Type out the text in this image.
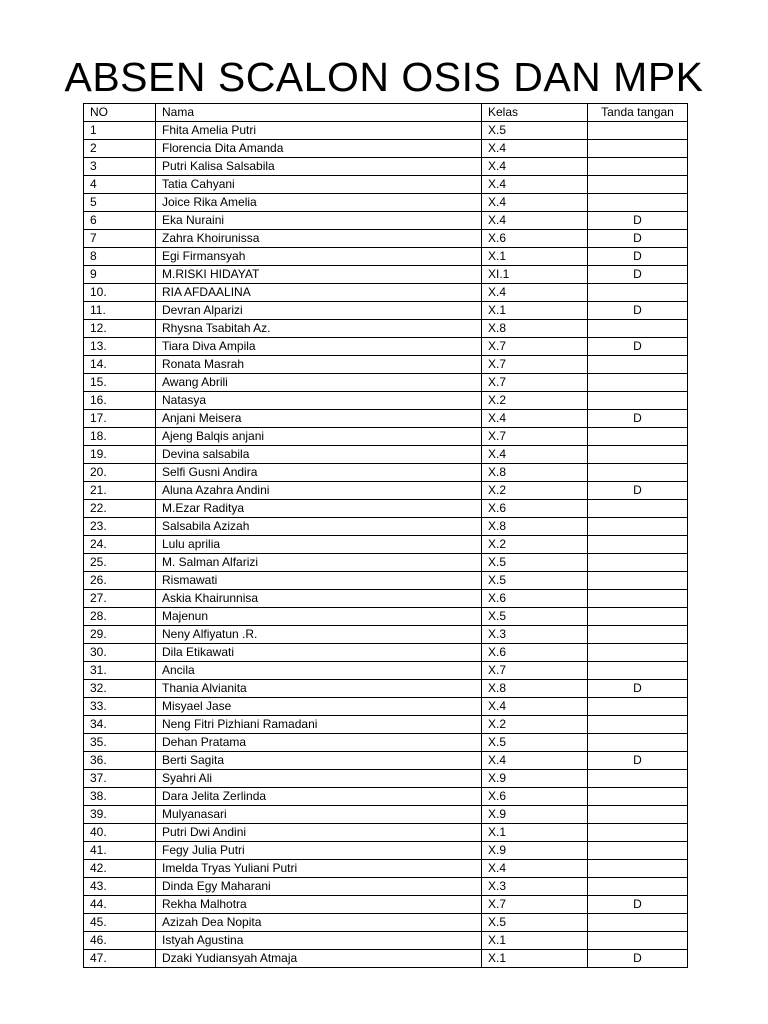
ABSEN SCALON OSIS DAN MPK
NO	Nama	Kelas	Tanda tangan
1	Fhita Amelia Putri	X.5	
2	Florencia Dita Amanda	X.4	
3	Putri Kalisa Salsabila	X.4	
4	Tatia Cahyani	X.4	
5	Joice Rika Amelia	X.4	
6	Eka Nuraini	X.4	D
7	Zahra Khoirunissa	X.6	D
8	Egi Firmansyah	X.1	D
9	M.RISKI HIDAYAT	XI.1	D
10.	RIA AFDAALINA	X.4	
11.	Devran Alparizi	X.1	D
12.	Rhysna Tsabitah Az.	X.8	
13.	Tiara Diva Ampila	X.7	D
14.	Ronata Masrah	X.7	
15.	Awang Abrili	X.7	
16.	Natasya	X.2	
17.	Anjani Meisera	X.4	D
18.	Ajeng Balqis anjani	X.7	
19.	Devina salsabila	X.4	
20.	Selfi Gusni Andira	X.8	
21.	Aluna Azahra Andini	X.2	D
22.	M.Ezar Raditya	X.6	
23.	Salsabila Azizah	X.8	
24.	Lulu aprilia	X.2	
25.	M. Salman Alfarizi	X.5	
26.	Rismawati	X.5	
27.	Askia Khairunnisa	X.6	
28.	Majenun	X.5	
29.	Neny Alfiyatun .R.	X.3	
30.	Dila Etikawati	X.6	
31.	Ancila	X.7	
32.	Thania Alvianita	X.8	D
33.	Misyael Jase	X.4	
34.	Neng Fitri Pizhiani Ramadani	X.2	
35.	Dehan Pratama	X.5	
36.	Berti Sagita	X.4	D
37.	Syahri Ali	X.9	
38.	Dara Jelita Zerlinda	X.6	
39.	Mulyanasari	X.9	
40.	Putri Dwi Andini	X.1	
41.	Fegy Julia Putri	X.9	
42.	Imelda Tryas Yuliani Putri	X.4	
43.	Dinda Egy Maharani	X.3	
44.	Rekha Malhotra	X.7	D
45.	Azizah Dea Nopita	X.5	
46.	Istyah Agustina	X.1	
47.	Dzaki Yudiansyah Atmaja	X.1	D
